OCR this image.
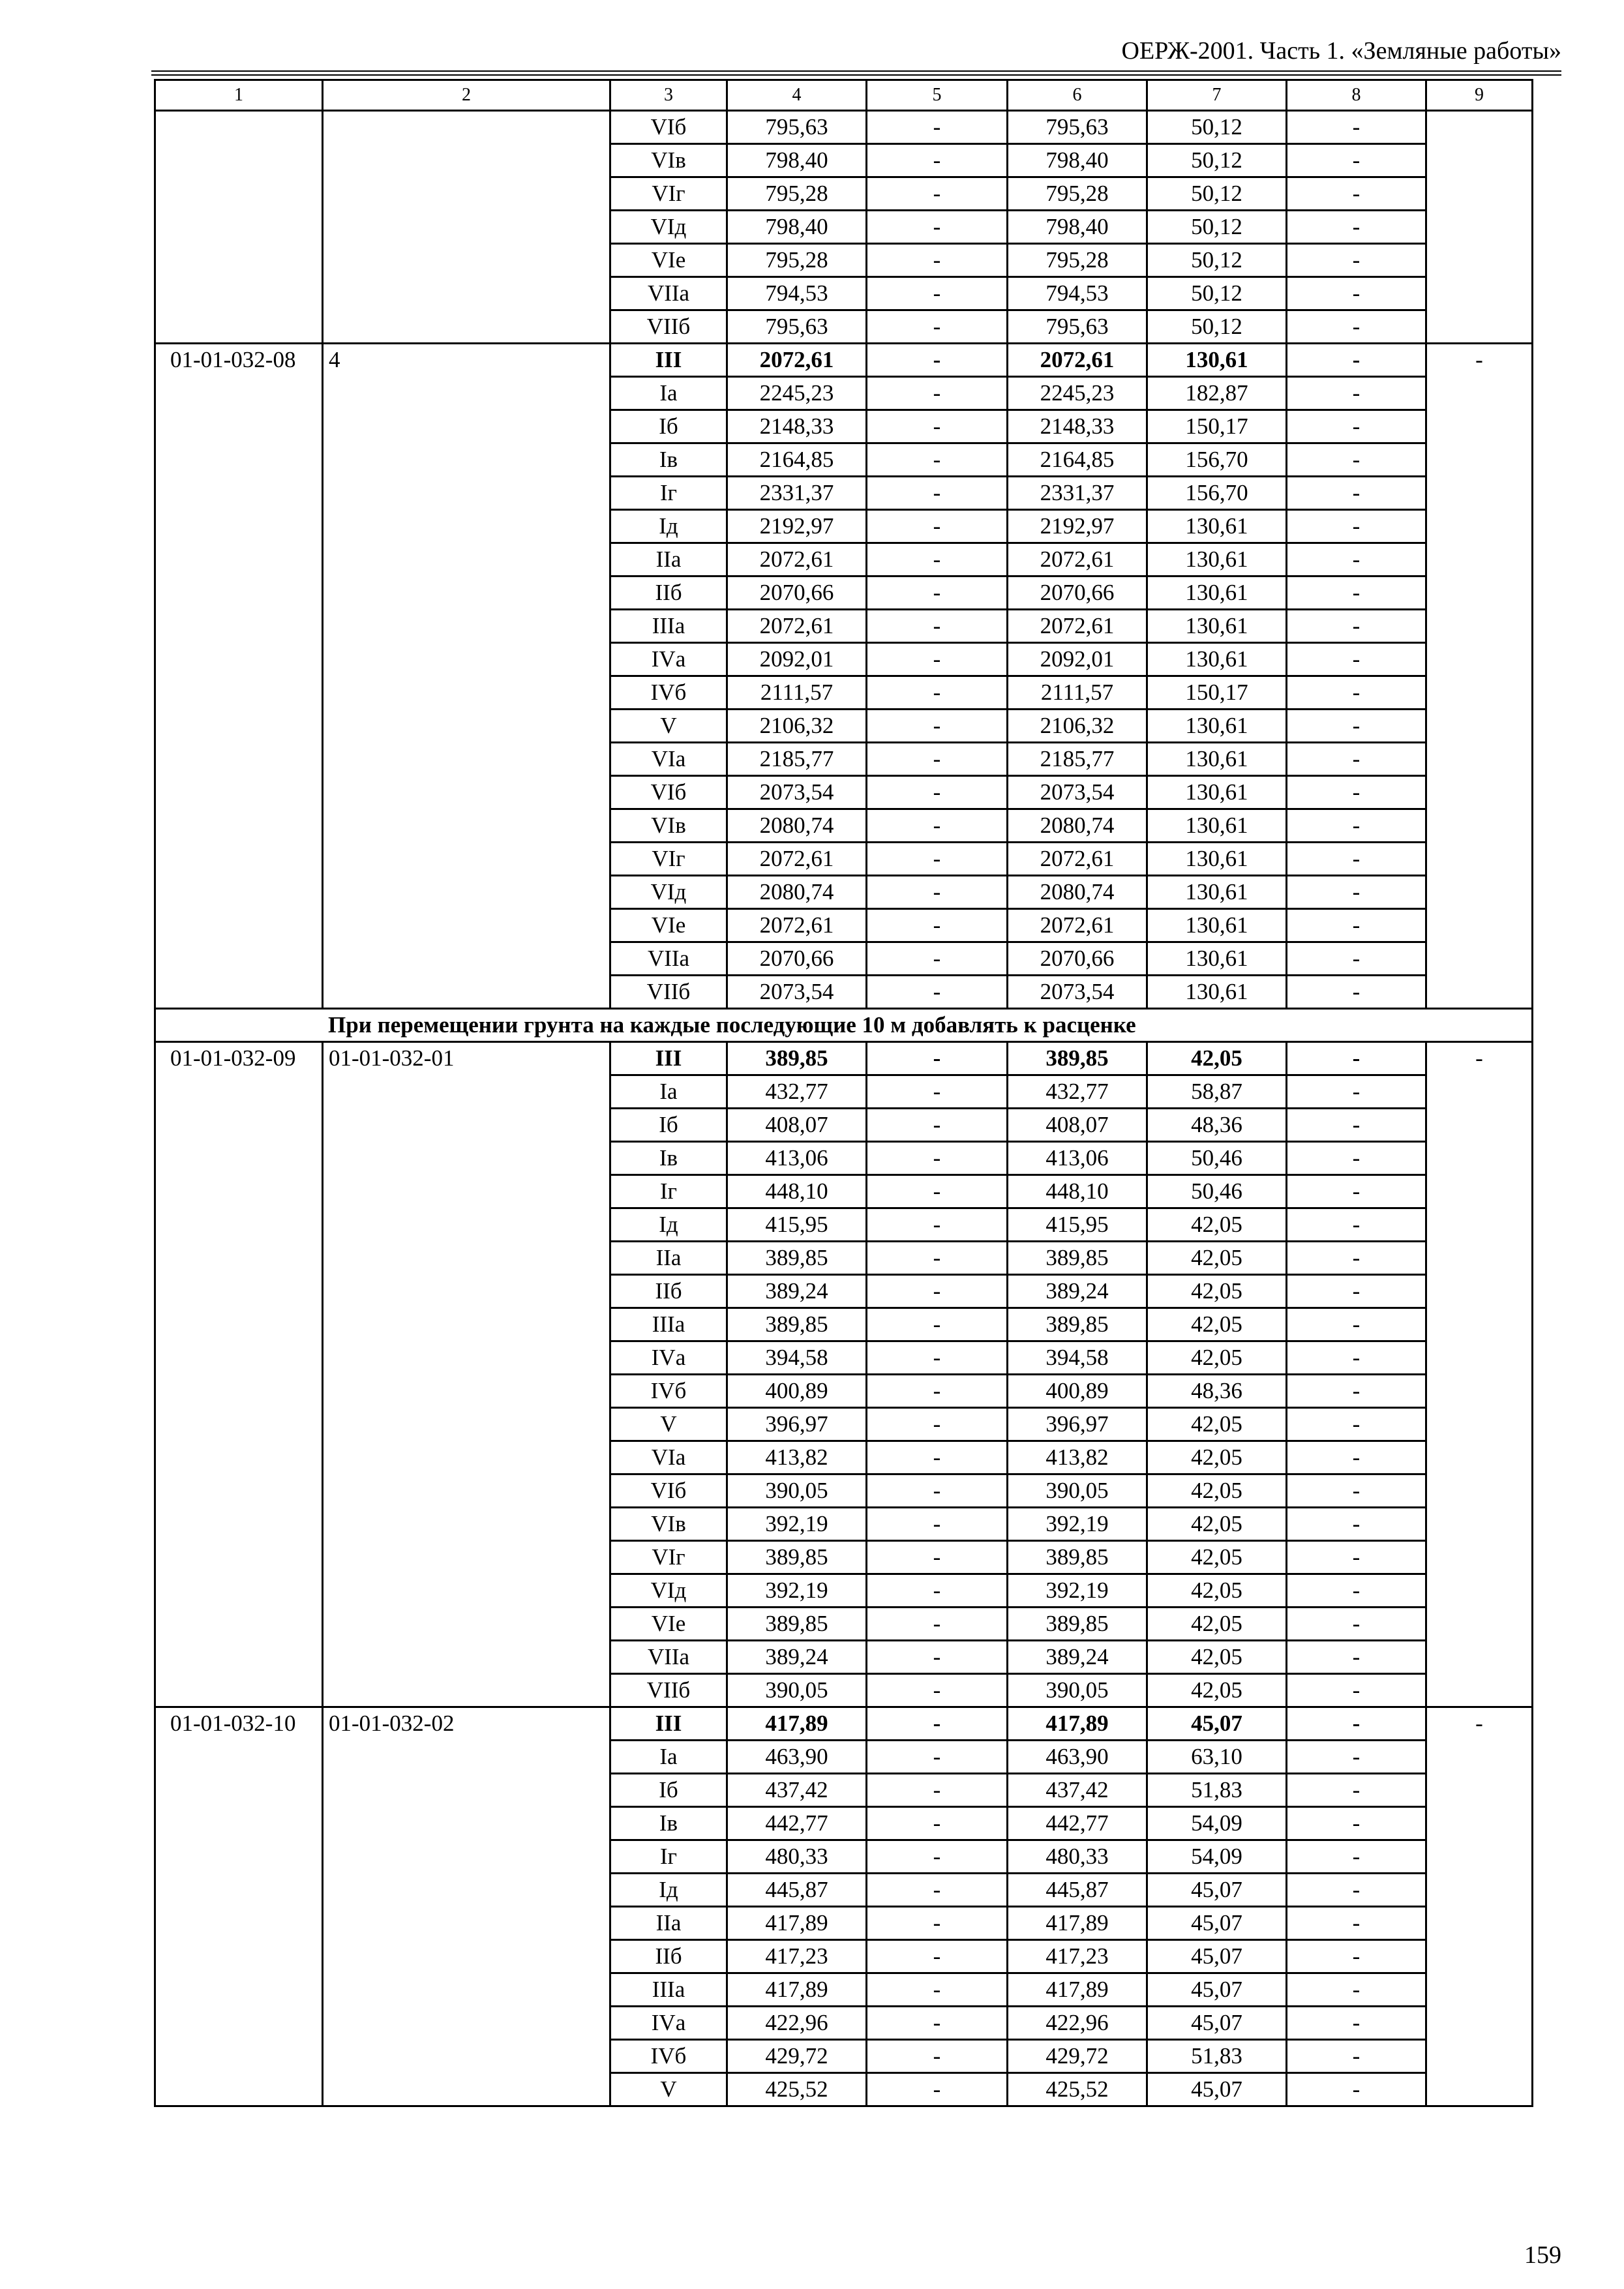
ОЕРЖ-2001. Часть 1. «Земляные работы»
1	2	3	4	5	6	7	8	9
		VIб	795,63	-	795,63	50,12	-	
		VIв	798,40	-	798,40	50,12	-	
		VIг	795,28	-	795,28	50,12	-	
		VIд	798,40	-	798,40	50,12	-	
		VIе	795,28	-	795,28	50,12	-	
		VIIа	794,53	-	794,53	50,12	-	
		VIIб	795,63	-	795,63	50,12	-	
01-01-032-08	4	III	2072,61	-	2072,61	130,61	-	-
		Iа	2245,23	-	2245,23	182,87	-	
		Iб	2148,33	-	2148,33	150,17	-	
		Iв	2164,85	-	2164,85	156,70	-	
		Iг	2331,37	-	2331,37	156,70	-	
		Iд	2192,97	-	2192,97	130,61	-	
		IIа	2072,61	-	2072,61	130,61	-	
		IIб	2070,66	-	2070,66	130,61	-	
		IIIа	2072,61	-	2072,61	130,61	-	
		IVа	2092,01	-	2092,01	130,61	-	
		IVб	2111,57	-	2111,57	150,17	-	
		V	2106,32	-	2106,32	130,61	-	
		VIа	2185,77	-	2185,77	130,61	-	
		VIб	2073,54	-	2073,54	130,61	-	
		VIв	2080,74	-	2080,74	130,61	-	
		VIг	2072,61	-	2072,61	130,61	-	
		VIд	2080,74	-	2080,74	130,61	-	
		VIе	2072,61	-	2072,61	130,61	-	
		VIIа	2070,66	-	2070,66	130,61	-	
		VIIб	2073,54	-	2073,54	130,61	-	
При перемещении грунта на каждые последующие 10 м добавлять к расценке								
01-01-032-09	01-01-032-01	III	389,85	-	389,85	42,05	-	-
		Iа	432,77	-	432,77	58,87	-	
		Iб	408,07	-	408,07	48,36	-	
		Iв	413,06	-	413,06	50,46	-	
		Iг	448,10	-	448,10	50,46	-	
		Iд	415,95	-	415,95	42,05	-	
		IIа	389,85	-	389,85	42,05	-	
		IIб	389,24	-	389,24	42,05	-	
		IIIа	389,85	-	389,85	42,05	-	
		IVа	394,58	-	394,58	42,05	-	
		IVб	400,89	-	400,89	48,36	-	
		V	396,97	-	396,97	42,05	-	
		VIа	413,82	-	413,82	42,05	-	
		VIб	390,05	-	390,05	42,05	-	
		VIв	392,19	-	392,19	42,05	-	
		VIг	389,85	-	389,85	42,05	-	
		VIд	392,19	-	392,19	42,05	-	
		VIе	389,85	-	389,85	42,05	-	
		VIIа	389,24	-	389,24	42,05	-	
		VIIб	390,05	-	390,05	42,05	-	
01-01-032-10	01-01-032-02	III	417,89	-	417,89	45,07	-	-
		Iа	463,90	-	463,90	63,10	-	
		Iб	437,42	-	437,42	51,83	-	
		Iв	442,77	-	442,77	54,09	-	
		Iг	480,33	-	480,33	54,09	-	
		Iд	445,87	-	445,87	45,07	-	
		IIа	417,89	-	417,89	45,07	-	
		IIб	417,23	-	417,23	45,07	-	
		IIIа	417,89	-	417,89	45,07	-	
		IVа	422,96	-	422,96	45,07	-	
		IVб	429,72	-	429,72	51,83	-	
		V	425,52	-	425,52	45,07	-	
159
